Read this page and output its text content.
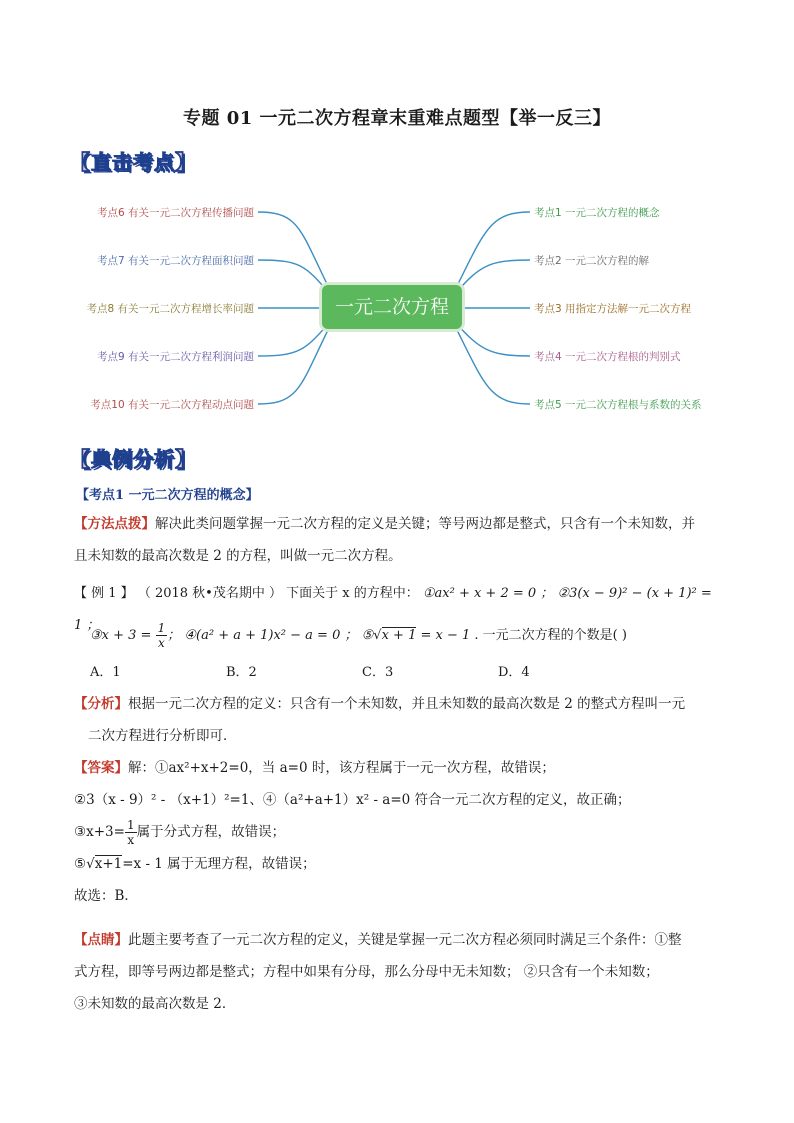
专题 01 一元二次方程章末重难点题型【举一反三】
【直击考点】
考点6 有关一元二次方程传播问题
考点7 有关一元二次方程面积问题
考点8 有关一元二次方程增长率问题
考点9 有关一元二次方程利润问题
考点10 有关一元二次方程动点问题
一元二次方程
考点1 一元二次方程的概念
考点2 一元二次方程的解
考点3 用指定方法解一元二次方程
考点4 一元二次方程根的判别式
考点5 一元二次方程根与系数的关系
【典例分析】
【考点1 一元二次方程的概念】
【方法点拨】解决此类问题掌握一元二次方程的定义是关键；等号两边都是整式，只含有一个未知数，并
且未知数的最高次数是 2 的方程，叫做一元二次方程。
【 例 1 】 （ 2018 秋•茂名期中 ） 下面关于 x 的方程中： ①ax² + x + 2 = 0 ； ②3(x − 9)² − (x + 1)² = 1 ；
③x + $3 = \frac{1}{x}$ ； ④(a² + a + 1)x² − a = 0 ； ⑤√x + 1 = x − 1 . 一元二次方程的个数是( )
A．1	B．2	C．3	D．4
【分析】根据一元二次方程的定义：只含有一个未知数，并且未知数的最高次数是 2 的整式方程叫一元
二次方程进行分析即可．
【答案】解：①ax²+x+2=0，当 a=0 时，该方程属于一元一次方程，故错误；
②3（x - 9）² - （x+1）²=1、④（a²+a+1）x² - a=0 符合一元二次方程的定义，故正确；
③x+3= $\frac{1}{x}$ 属于分式方程，故错误；
⑤√x+1=x - 1 属于无理方程，故错误；
故选：B．
【点睛】此题主要考查了一元二次方程的定义，关键是掌握一元二次方程必须同时满足三个条件：①整
式方程，即等号两边都是整式；方程中如果有分母，那么分母中无未知数； ②只含有一个未知数；
③未知数的最高次数是 2．
